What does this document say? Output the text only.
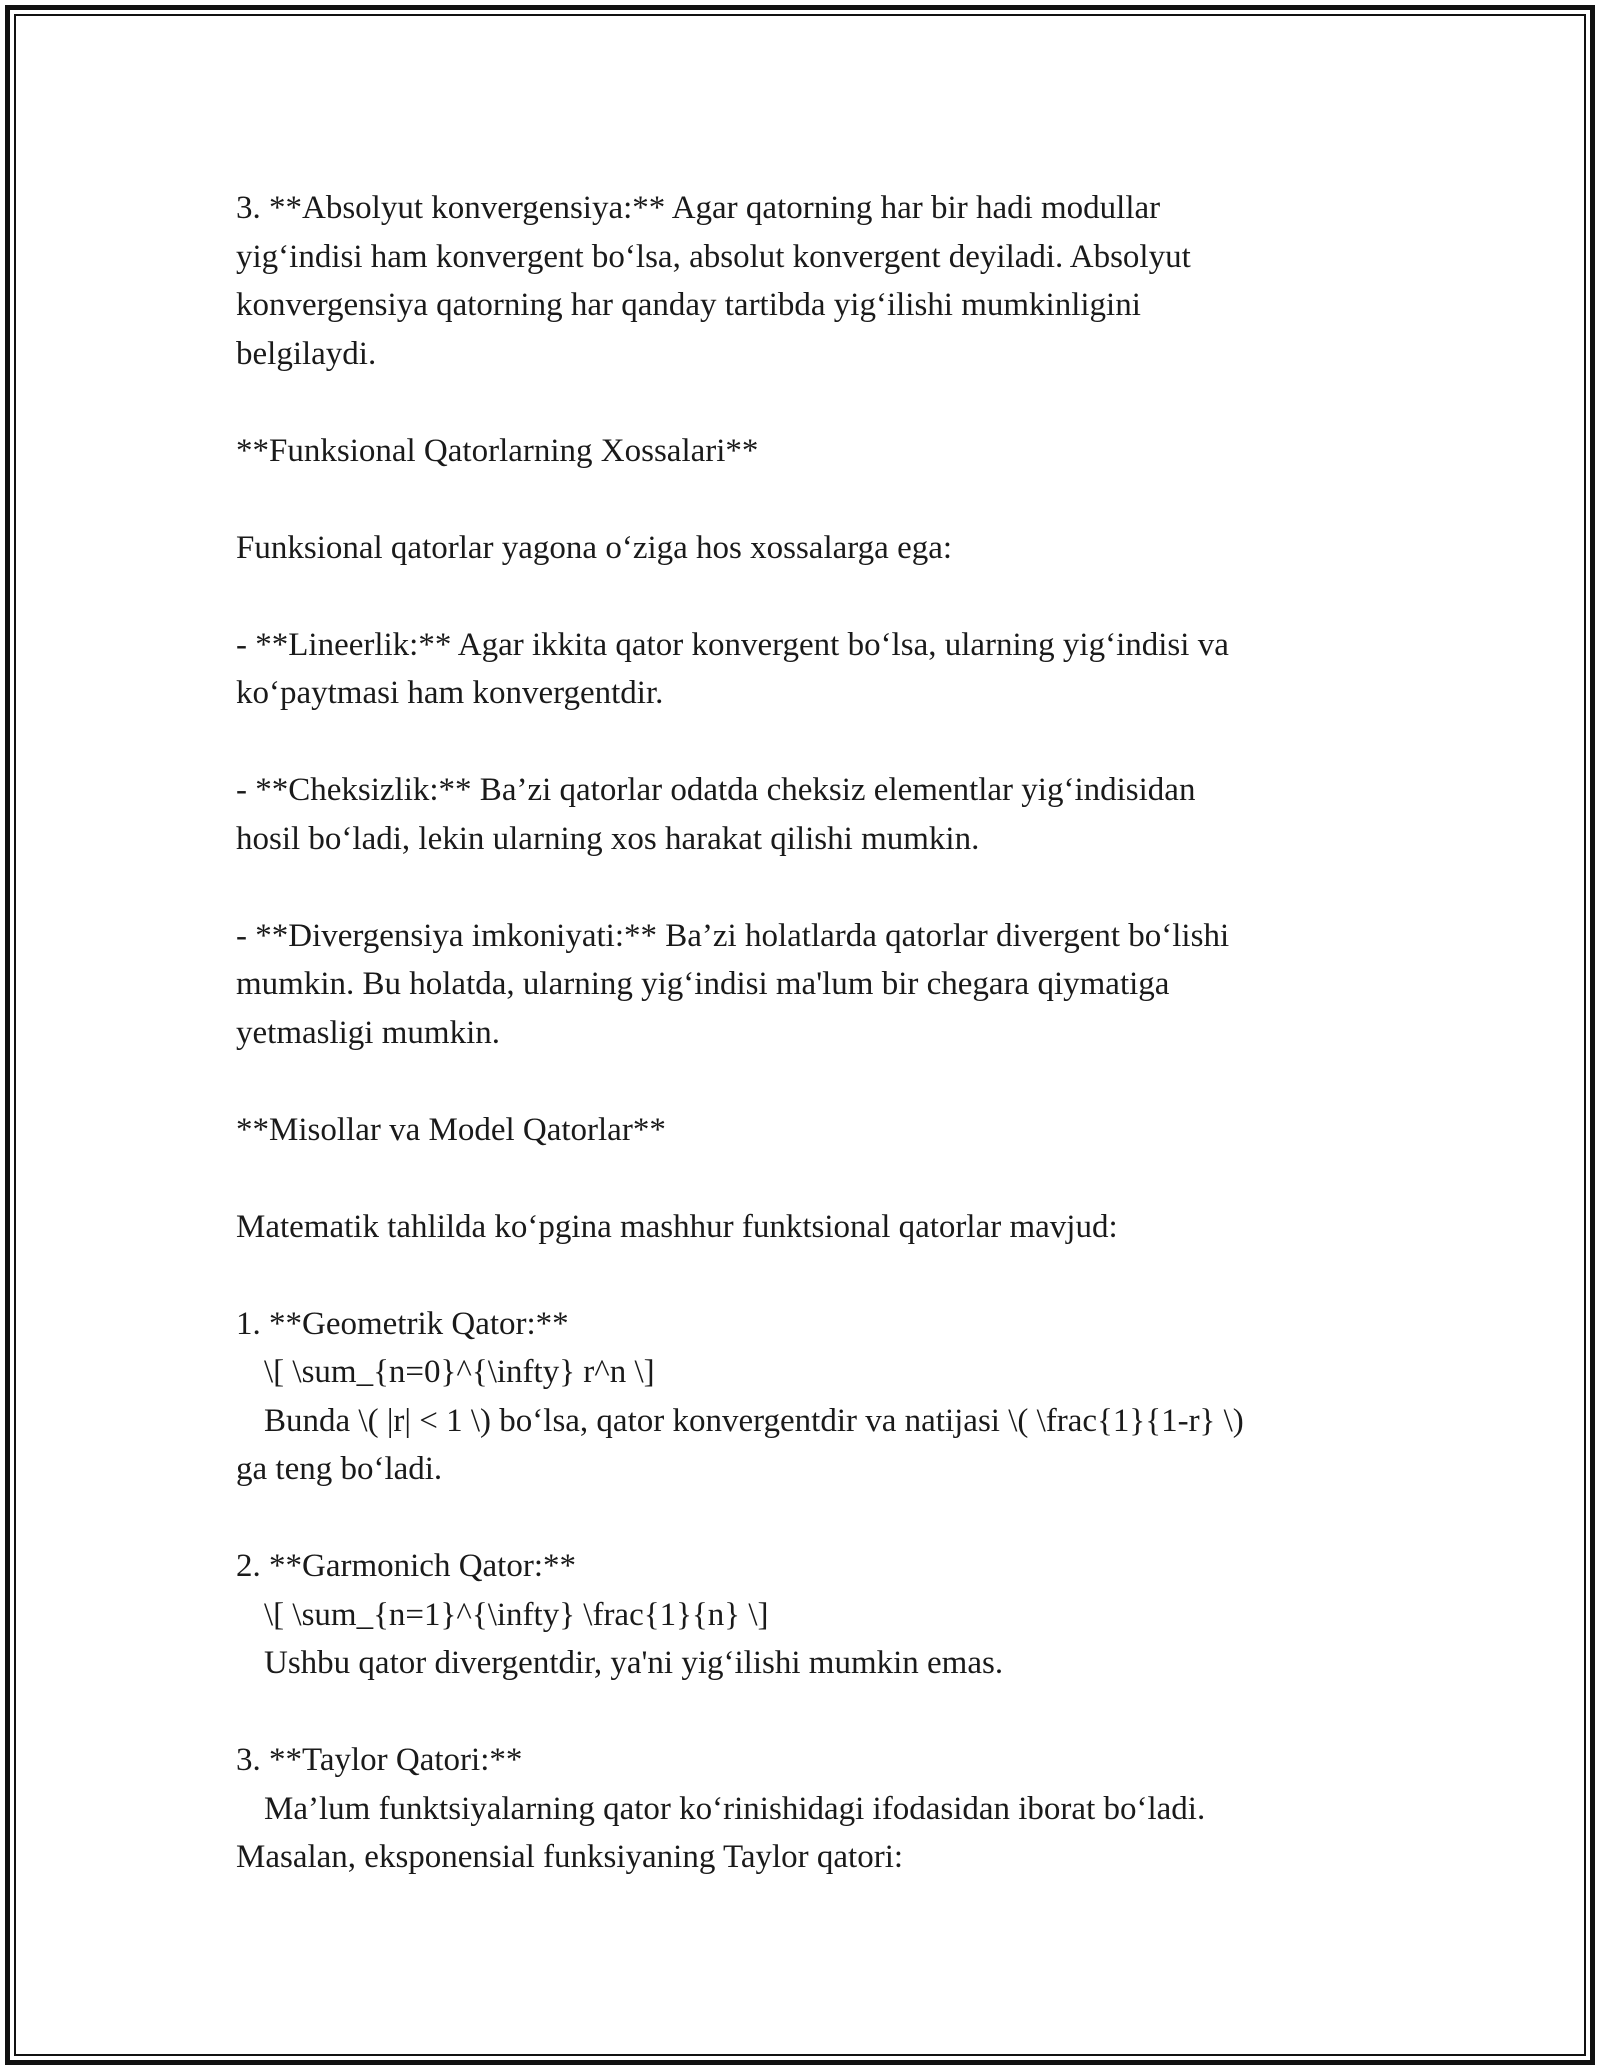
3. **Absolyut konvergensiya:** Agar qatorning har bir hadi modullar
yig‘indisi ham konvergent bo‘lsa, absolut konvergent deyiladi. Absolyut
konvergensiya qatorning har qanday tartibda yig‘ilishi mumkinligini
belgilaydi.

**Funksional Qatorlarning Xossalari**

Funksional qatorlar yagona o‘ziga hos xossalarga ega:

- **Lineerlik:** Agar ikkita qator konvergent bo‘lsa, ularning yig‘indisi va
ko‘paytmasi ham konvergentdir.

- **Cheksizlik:** Ba’zi qatorlar odatda cheksiz elementlar yig‘indisidan
hosil bo‘ladi, lekin ularning xos harakat qilishi mumkin.

- **Divergensiya imkoniyati:** Ba’zi holatlarda qatorlar divergent bo‘lishi
mumkin. Bu holatda, ularning yig‘indisi ma'lum bir chegara qiymatiga
yetmasligi mumkin.

**Misollar va Model Qatorlar**

Matematik tahlilda ko‘pgina mashhur funktsional qatorlar mavjud:

1. **Geometrik Qator:**
\[ \sum_{n=0}^{\infty} r^n \]
Bunda \( |r| < 1 \) bo‘lsa, qator konvergentdir va natijasi \( \frac{1}{1-r} \)
ga teng bo‘ladi.

2. **Garmonich Qator:**
\[ \sum_{n=1}^{\infty} \frac{1}{n} \]
Ushbu qator divergentdir, ya'ni yig‘ilishi mumkin emas.

3. **Taylor Qatori:**
Ma’lum funktsiyalarning qator ko‘rinishidagi ifodasidan iborat bo‘ladi.
Masalan, eksponensial funksiyaning Taylor qatori:
